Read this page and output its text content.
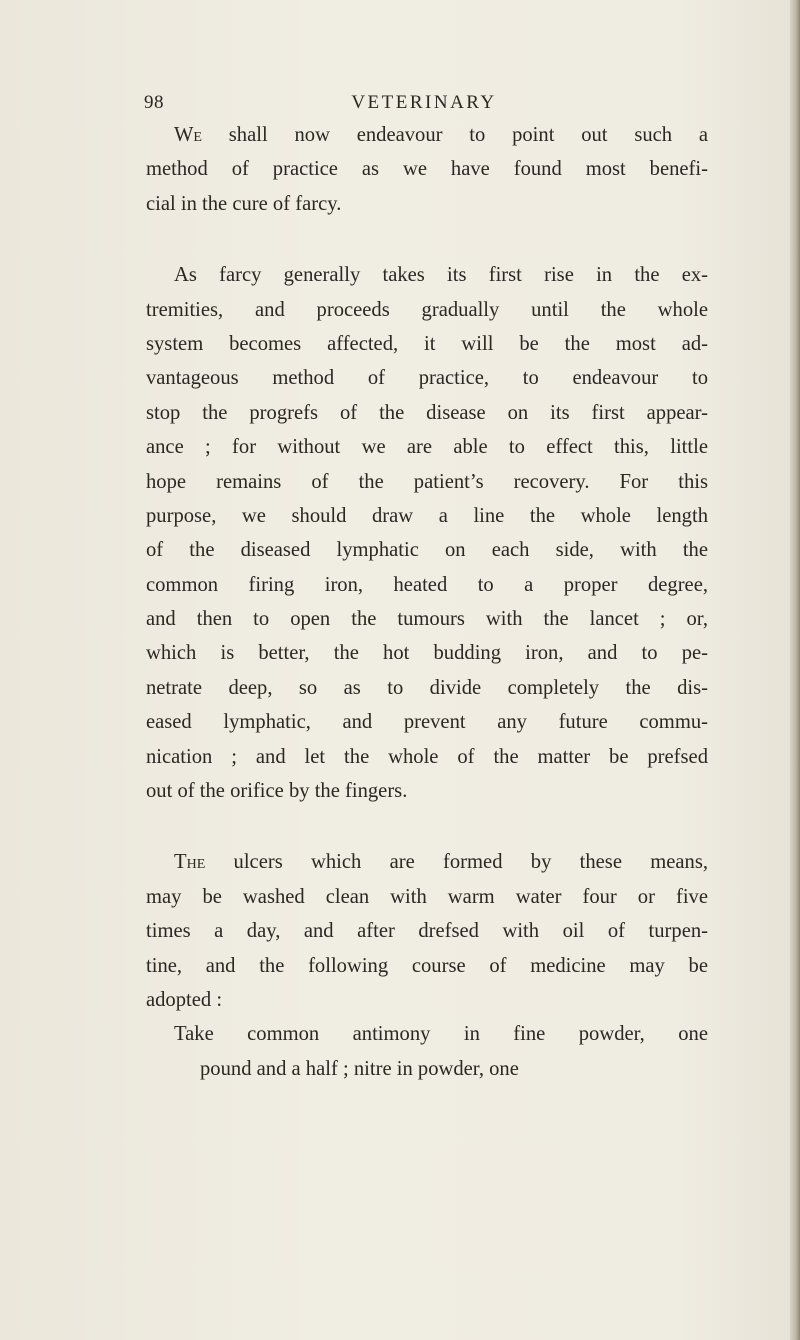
98	VETERINARY
We shall now endeavour to point out such a
method of practice as we have found most benefi-
cial in the cure of farcy.
As farcy generally takes its first rise in the ex-
tremities, and proceeds gradually until the whole
system becomes affected, it will be the most ad-
vantageous method of practice, to endeavour to
stop the progrefs of the disease on its first appear-
ance ; for without we are able to effect this, little
hope remains of the patient’s recovery. For this
purpose, we should draw a line the whole length
of the diseased lymphatic on each side, with the
common firing iron, heated to a proper degree,
and then to open the tumours with the lancet ; or,
which is better, the hot budding iron, and to pe-
netrate deep, so as to divide completely the dis-
eased lymphatic, and prevent any future commu-
nication ; and let the whole of the matter be prefsed
out of the orifice by the fingers.
The ulcers which are formed by these means,
may be washed clean with warm water four or five
times a day, and after drefsed with oil of turpen-
tine, and the following course of medicine may be
adopted :
Take common antimony in fine powder, one
pound and a half ; nitre in powder, one
